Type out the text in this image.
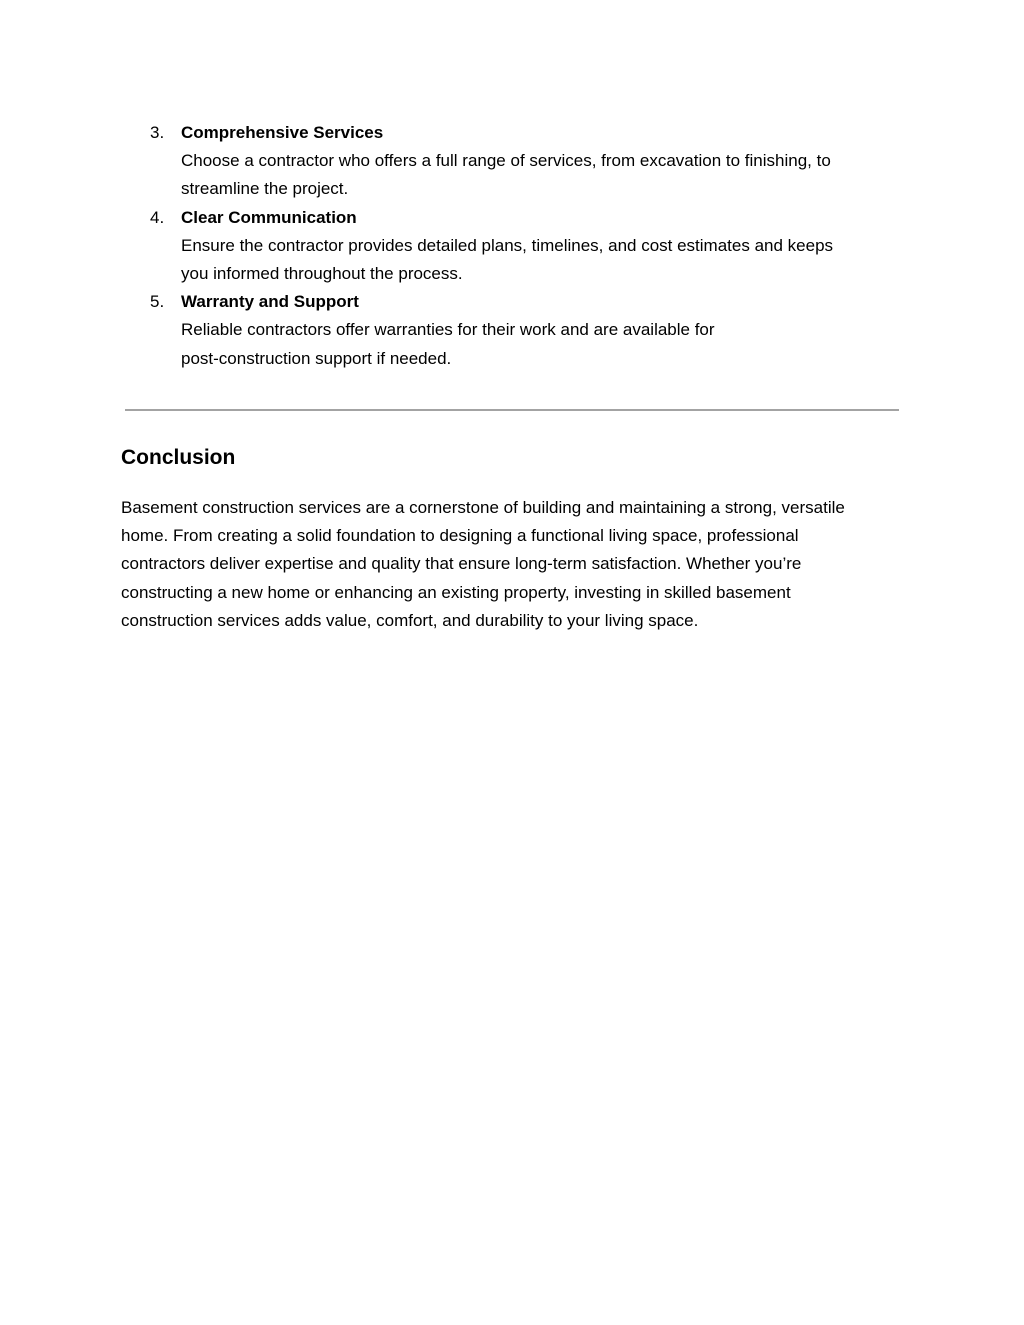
3. Comprehensive Services
Choose a contractor who offers a full range of services, from excavation to finishing, to
streamline the project.
4. Clear Communication
Ensure the contractor provides detailed plans, timelines, and cost estimates and keeps
you informed throughout the process.
5. Warranty and Support
Reliable contractors offer warranties for their work and are available for
post-construction support if needed.
Conclusion

Basement construction services are a cornerstone of building and maintaining a strong, versatile
home. From creating a solid foundation to designing a functional living space, professional
contractors deliver expertise and quality that ensure long-term satisfaction. Whether you’re
constructing a new home or enhancing an existing property, investing in skilled basement
construction services adds value, comfort, and durability to your living space.
